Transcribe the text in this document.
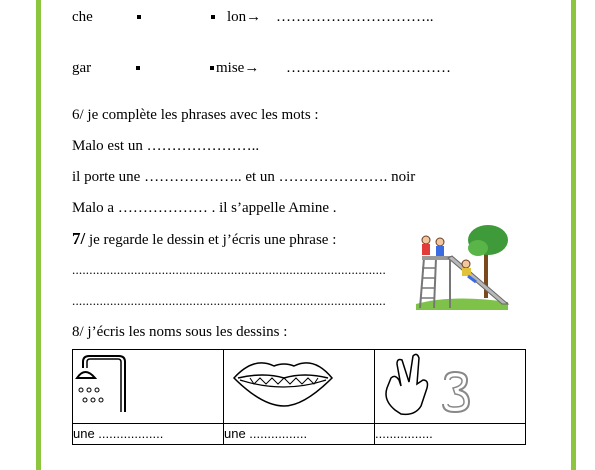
che	lon→ …………………………..
gar	mise→ ……………………………
6/ je complète les phrases avec les mots :
Malo est un …………………..
il porte une ……………….. et un …………………. noir
Malo a ……………… . il s’appelle Amine .
7/ je regarde le dessin et j’écris une phrase :
...........................................................................................
...........................................................................................
8/ j’écris les noms sous les dessins :

une ..................	une ................	................
